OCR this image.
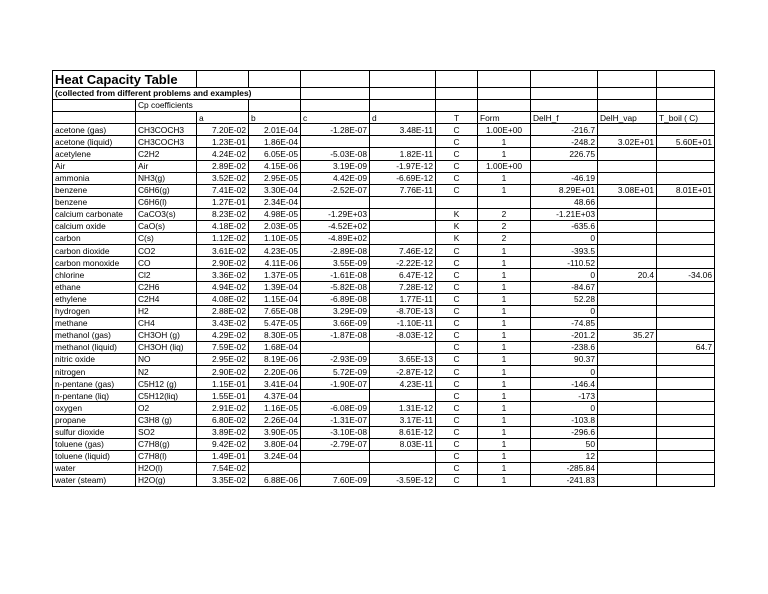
Heat Capacity Table										
(collected from different problems and examples)										
	Cp coefficients									
		a	b	c	d	T	Form	DelH_f	DelH_vap	T_boil ( C)
acetone (gas)	CH3COCH3	7.20E-02	2.01E-04	-1.28E-07	3.48E-11	C	1.00E+00	-216.7		
acetone (liquid)	CH3COCH3	1.23E-01	1.86E-04			C	1	-248.2	3.02E+01	5.60E+01
acetylene	C2H2	4.24E-02	6.05E-05	-5.03E-08	1.82E-11	C	1	226.75		
Air	Air	2.89E-02	4.15E-06	3.19E-09	-1.97E-12	C	1.00E+00			
ammonia	NH3(g)	3.52E-02	2.95E-05	4.42E-09	-6.69E-12	C	1	-46.19		
benzene	C6H6(g)	7.41E-02	3.30E-04	-2.52E-07	7.76E-11	C	1	8.29E+01	3.08E+01	8.01E+01
benzene	C6H6(l)	1.27E-01	2.34E-04					48.66		
calcium carbonate	CaCO3(s)	8.23E-02	4.98E-05	-1.29E+03		K	2	-1.21E+03		
calcium oxide	CaO(s)	4.18E-02	2.03E-05	-4.52E+02		K	2	-635.6		
carbon	C(s)	1.12E-02	1.10E-05	-4.89E+02		K	2	0		
carbon dioxide	CO2	3.61E-02	4.23E-05	-2.89E-08	7.46E-12	C	1	-393.5		
carbon monoxide	CO	2.90E-02	4.11E-06	3.55E-09	-2.22E-12	C	1	-110.52		
chlorine	Cl2	3.36E-02	1.37E-05	-1.61E-08	6.47E-12	C	1	0	20.4	-34.06
ethane	C2H6	4.94E-02	1.39E-04	-5.82E-08	7.28E-12	C	1	-84.67		
ethylene	C2H4	4.08E-02	1.15E-04	-6.89E-08	1.77E-11	C	1	52.28		
hydrogen	H2	2.88E-02	7.65E-08	3.29E-09	-8.70E-13	C	1	0		
methane	CH4	3.43E-02	5.47E-05	3.66E-09	-1.10E-11	C	1	-74.85		
methanol (gas)	CH3OH (g)	4.29E-02	8.30E-05	-1.87E-08	-8.03E-12	C	1	-201.2	35.27	
methanol (liquid)	CH3OH (liq)	7.59E-02	1.68E-04			C	1	-238.6		64.7
nitric oxide	NO	2.95E-02	8.19E-06	-2.93E-09	3.65E-13	C	1	90.37		
nitrogen	N2	2.90E-02	2.20E-06	5.72E-09	-2.87E-12	C	1	0		
n-pentane (gas)	C5H12 (g)	1.15E-01	3.41E-04	-1.90E-07	4.23E-11	C	1	-146.4		
n-pentane (liq)	C5H12(liq)	1.55E-01	4.37E-04			C	1	-173		
oxygen	O2	2.91E-02	1.16E-05	-6.08E-09	1.31E-12	C	1	0		
propane	C3H8 (g)	6.80E-02	2.26E-04	-1.31E-07	3.17E-11	C	1	-103.8		
sulfur dioxide	SO2	3.89E-02	3.90E-05	-3.10E-08	8.61E-12	C	1	-296.6		
toluene (gas)	C7H8(g)	9.42E-02	3.80E-04	-2.79E-07	8.03E-11	C	1	50		
toluene (liquid)	C7H8(l)	1.49E-01	3.24E-04			C	1	12		
water	H2O(l)	7.54E-02				C	1	-285.84		
water (steam)	H2O(g)	3.35E-02	6.88E-06	7.60E-09	-3.59E-12	C	1	-241.83		
